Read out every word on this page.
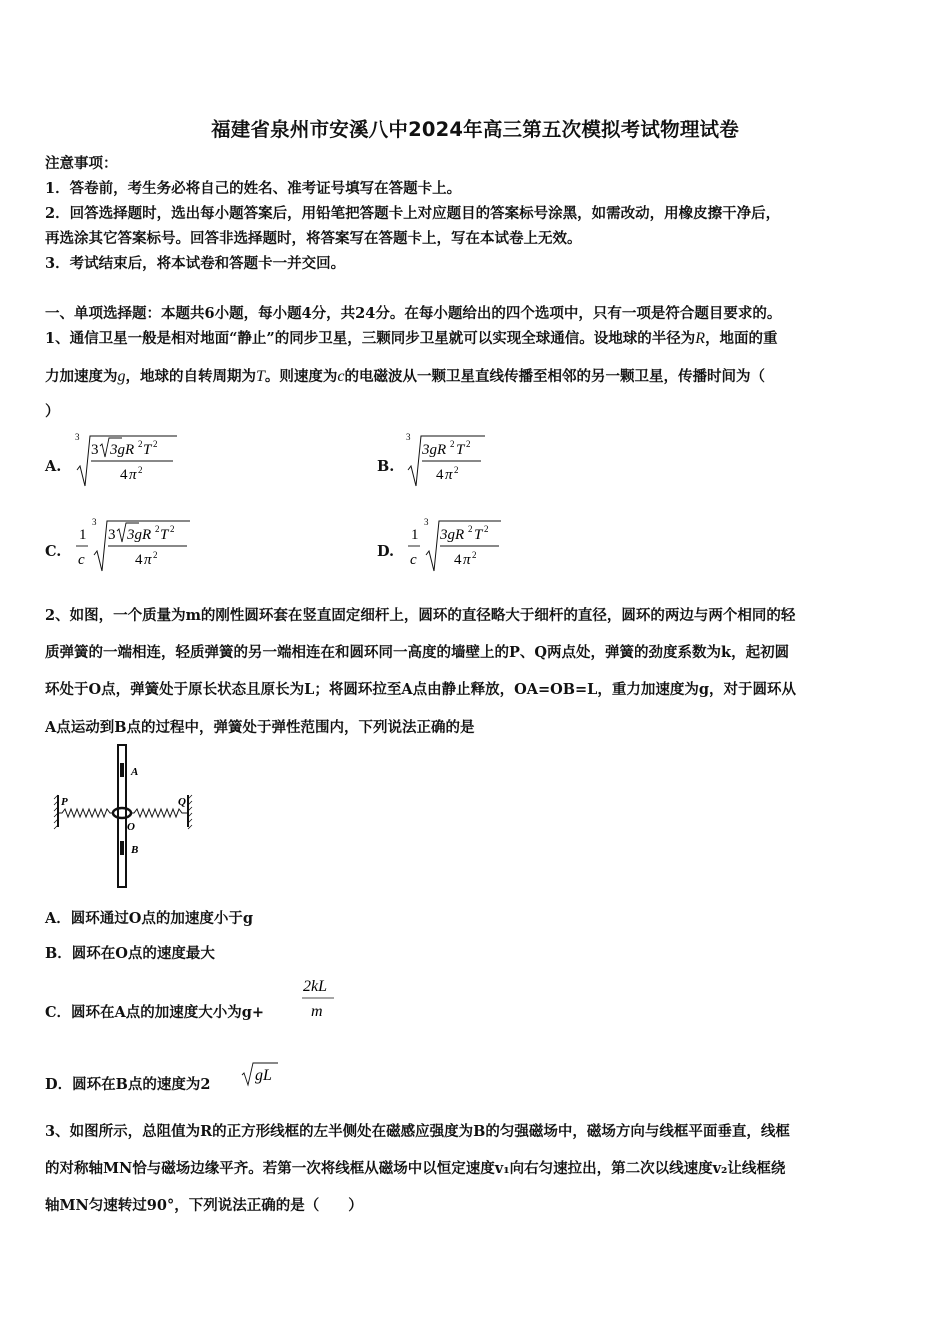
福建省泉州市安溪八中2024年高三第五次模拟考试物理试卷
注意事项：
1．答卷前，考生务必将自己的姓名、准考证号填写在答题卡上。
2．回答选择题时，选出每小题答案后，用铅笔把答题卡上对应题目的答案标号涂黑，如需改动，用橡皮擦干净后，
再选涂其它答案标号。回答非选择题时，将答案写在答题卡上，写在本试卷上无效。
3．考试结束后，将本试卷和答题卡一并交回。
一、单项选择题：本题共6小题，每小题4分，共24分。在每小题给出的四个选项中，只有一项是符合题目要求的。
1、通信卫星一般是相对地面“静止”的同步卫星，三颗同步卫星就可以实现全球通信。设地球的半径为R，地面的重
力加速度为g，地球的自转周期为T。则速度为c的电磁波从一颗卫星直线传播至相邻的另一颗卫星，传播时间为（
）
A.
3
3 3gR 2 T 2
4 π 2	B.
3
3gR 2 T 2
4 π 2
C.
1
c
3
3 3gR 2 T 2
4 π 2	D.
1
c
3
3gR 2 T 2
4 π 2
2、如图，一个质量为m的刚性圆环套在竖直固定细杆上，圆环的直径略大于细杆的直径，圆环的两边与两个相同的轻
质弹簧的一端相连，轻质弹簧的另一端相连在和圆环同一高度的墙壁上的P、Q两点处，弹簧的劲度系数为k，起初圆
环处于O点，弹簧处于原长状态且原长为L；将圆环拉至A点由静止释放，OA=OB=L，重力加速度为g，对于圆环从
A点运动到B点的过程中，弹簧处于弹性范围内，下列说法正确的是
A
B
O
P	Q
A．圆环通过O点的加速度小于g
B．圆环在O点的速度最大
C．圆环在A点的加速度大小为g+
2kL
m
D．圆环在B点的速度为2
gL
3、如图所示，总阻值为R的正方形线框的左半侧处在磁感应强度为B的匀强磁场中，磁场方向与线框平面垂直，线框
的对称轴MN恰与磁场边缘平齐。若第一次将线框从磁场中以恒定速度v₁向右匀速拉出，第二次以线速度v₂让线框绕
轴MN匀速转过90°，下列说法正确的是（　　）
